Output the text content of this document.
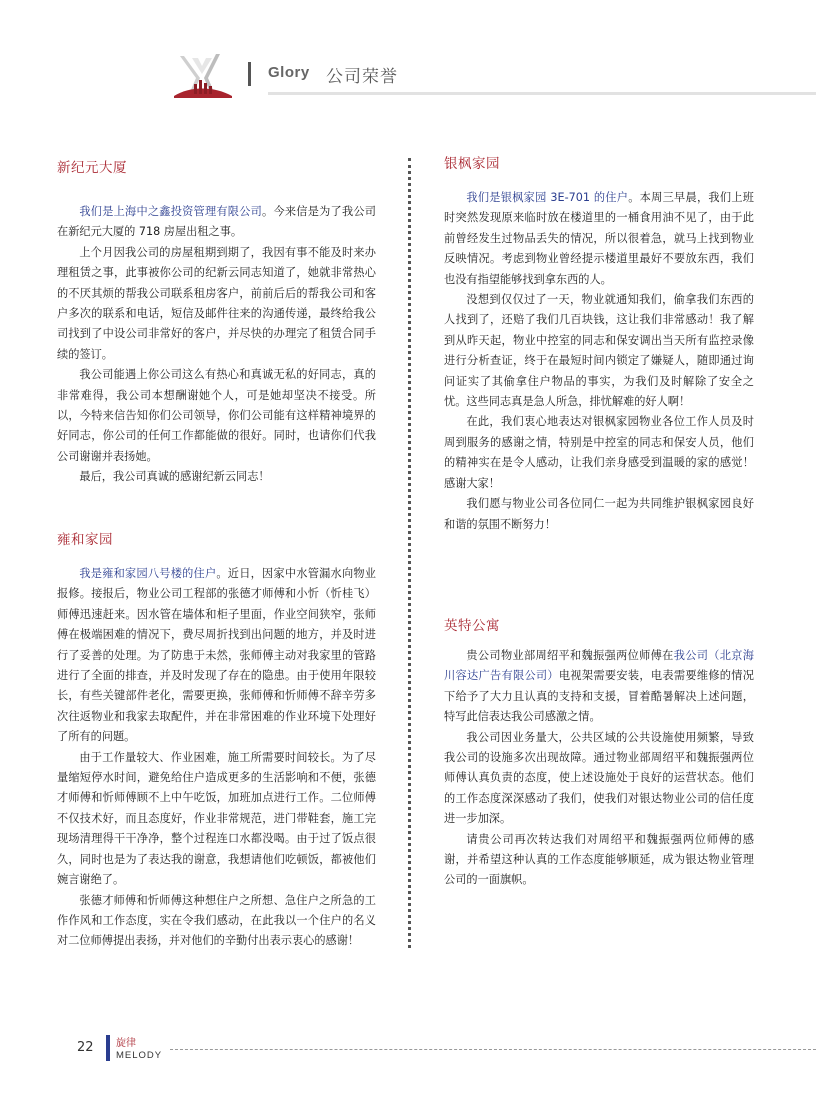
Glory 公司荣誉
新纪元大厦

我们是上海中之鑫投资管理有限公司。今来信是为了我公司在新纪元大厦的 718 房屋出租之事。

上个月因我公司的房屋租期到期了，我因有事不能及时来办理租赁之事，此事被你公司的纪新云同志知道了，她就非常热心的不厌其烦的帮我公司联系租房客户，前前后后的帮我公司和客户多次的联系和电话，短信及邮件往来的沟通传递，最终给我公司找到了中设公司非常好的客户，并尽快的办理完了租赁合同手续的签订。

我公司能遇上你公司这么有热心和真诚无私的好同志，真的非常难得，我公司本想酬谢她个人，可是她却坚决不接受。所以，今特来信告知你们公司领导，你们公司能有这样精神境界的好同志，你公司的任何工作都能做的很好。同时，也请你们代我公司谢谢并表扬她。

最后，我公司真诚的感谢纪新云同志！

雍和家园

我是雍和家园八号楼的住户。近日，因家中水管漏水向物业报修。接报后，物业公司工程部的张德才师傅和小忻（忻桂飞）师傅迅速赶来。因水管在墙体和柜子里面，作业空间狭窄，张师傅在极端困难的情况下，费尽周折找到出问题的地方，并及时进行了妥善的处理。为了防患于未然，张师傅主动对我家里的管路进行了全面的排查，并及时发现了存在的隐患。由于使用年限较长，有些关键部件老化，需要更换，张师傅和忻师傅不辞辛劳多次往返物业和我家去取配件，并在非常困难的作业环境下处理好了所有的问题。

由于工作量较大、作业困难，施工所需要时间较长。为了尽量缩短停水时间，避免给住户造成更多的生活影响和不便，张德才师傅和忻师傅顾不上中午吃饭，加班加点进行工作。二位师傅不仅技术好，而且态度好，作业非常规范，进门带鞋套，施工完现场清理得干干净净，整个过程连口水都没喝。由于过了饭点很久，同时也是为了表达我的谢意，我想请他们吃顿饭，都被他们婉言谢绝了。

张德才师傅和忻师傅这种想住户之所想、急住户之所急的工作作风和工作态度，实在令我们感动，在此我以一个住户的名义对二位师傅提出表扬，并对他们的辛勤付出表示衷心的感谢！

银枫家园

我们是银枫家园 3E-701 的住户。本周三早晨，我们上班时突然发现原来临时放在楼道里的一桶食用油不见了，由于此前曾经发生过物品丢失的情况，所以很着急，就马上找到物业反映情况。考虑到物业曾经提示楼道里最好不要放东西，我们也没有指望能够找到拿东西的人。

没想到仅仅过了一天，物业就通知我们，偷拿我们东西的人找到了，还赔了我们几百块钱，这让我们非常感动！我了解到从昨天起，物业中控室的同志和保安调出当天所有监控录像进行分析查证，终于在最短时间内锁定了嫌疑人，随即通过询问证实了其偷拿住户物品的事实，为我们及时解除了安全之忧。这些同志真是急人所急，排忧解难的好人啊！

在此，我们衷心地表达对银枫家园物业各位工作人员及时周到服务的感谢之情，特别是中控室的同志和保安人员，他们的精神实在是令人感动，让我们亲身感受到温暖的家的感觉！感谢大家！

我们愿与物业公司各位同仁一起为共同维护银枫家园良好和谐的氛围不断努力！

英特公寓

贵公司物业部周绍平和魏振强两位师傅在我公司（北京海川容达广告有限公司）电视架需要安装，电表需要维修的情况下给予了大力且认真的支持和支援，冒着酷暑解决上述问题，特写此信表达我公司感激之情。

我公司因业务量大，公共区域的公共设施使用频繁，导致我公司的设施多次出现故障。通过物业部周绍平和魏振强两位师傅认真负责的态度，使上述设施处于良好的运营状态。他们的工作态度深深感动了我们，使我们对银达物业公司的信任度进一步加深。

请贵公司再次转达我们对周绍平和魏振强两位师傅的感谢，并希望这种认真的工作态度能够顺延，成为银达物业管理公司的一面旗帜。

22 旋律
MELODY
